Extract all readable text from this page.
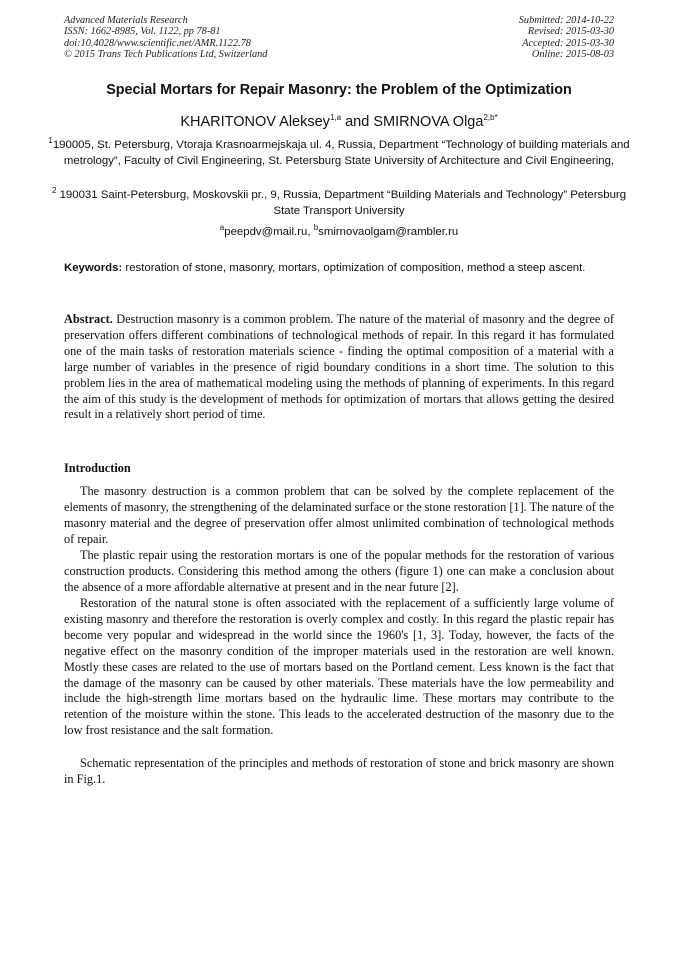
Advanced Materials Research
ISSN: 1662-8985, Vol. 1122, pp 78-81
doi:10.4028/www.scientific.net/AMR.1122.78
© 2015 Trans Tech Publications Ltd, Switzerland
Submitted: 2014-10-22
Revised: 2015-03-30
Accepted: 2015-03-30
Online: 2015-08-03
Special Mortars for Repair Masonry: the Problem of the Optimization
KHARITONOV Aleksey$^{1,a}$ and SMIRNOVA Olga$^{2,b*}$
$^1$190005, St. Petersburg, Vtoraja Krasnoarmejskaja ul. 4, Russia, Department “Technology of building materials and metrology”, Faculty of Civil Engineering, St. Petersburg State University of Architecture and Civil Engineering,
$^2$ 190031 Saint-Petersburg, Moskovskii pr., 9, Russia, Department “Building Materials and Technology” Petersburg State Transport University
$^a$peepdv@mail.ru, $^b$smirnovaolgam@rambler.ru
Keywords: restoration of stone, masonry, mortars, optimization of composition, method a steep ascent.

Abstract. Destruction masonry is a common problem. The nature of the material of masonry and the degree of preservation offers different combinations of technological methods of repair. In this regard it has formulated one of the main tasks of restoration materials science - finding the optimal composition of a material with a large number of variables in the presence of rigid boundary conditions in a short time. The solution to this problem lies in the area of mathematical modeling using the methods of planning of experiments. In this regard the aim of this study is the development of methods for optimization of mortars that allows getting the desired result in a relatively short period of time.

Introduction

The masonry destruction is a common problem that can be solved by the complete replacement of the elements of masonry, the strengthening of the delaminated surface or the stone restoration [1]. The nature of the masonry material and the degree of preservation offer almost unlimited combination of technological methods of repair.

The plastic repair using the restoration mortars is one of the popular methods for the restoration of various construction products. Considering this method among the others (figure 1) one can make a conclusion about the absence of a more affordable alternative at present and in the near future [2].

Restoration of the natural stone is often associated with the replacement of a sufficiently large volume of existing masonry and therefore the restoration is overly complex and costly. In this regard the plastic repair has become very popular and widespread in the world since the 1960's [1, 3]. Today, however, the facts of the negative effect on the masonry condition of the improper materials used in the restoration are well known. Mostly these cases are related to the use of mortars based on the Portland cement. Less known is the fact that the damage of the masonry can be caused by other materials. These materials have the low permeability and include the high-strength lime mortars based on the hydraulic lime. These mortars may contribute to the retention of the moisture within the stone. This leads to the accelerated destruction of the masonry due to the low frost resistance and the salt formation.

Schematic representation of the principles and methods of restoration of stone and brick masonry are shown in Fig.1.
